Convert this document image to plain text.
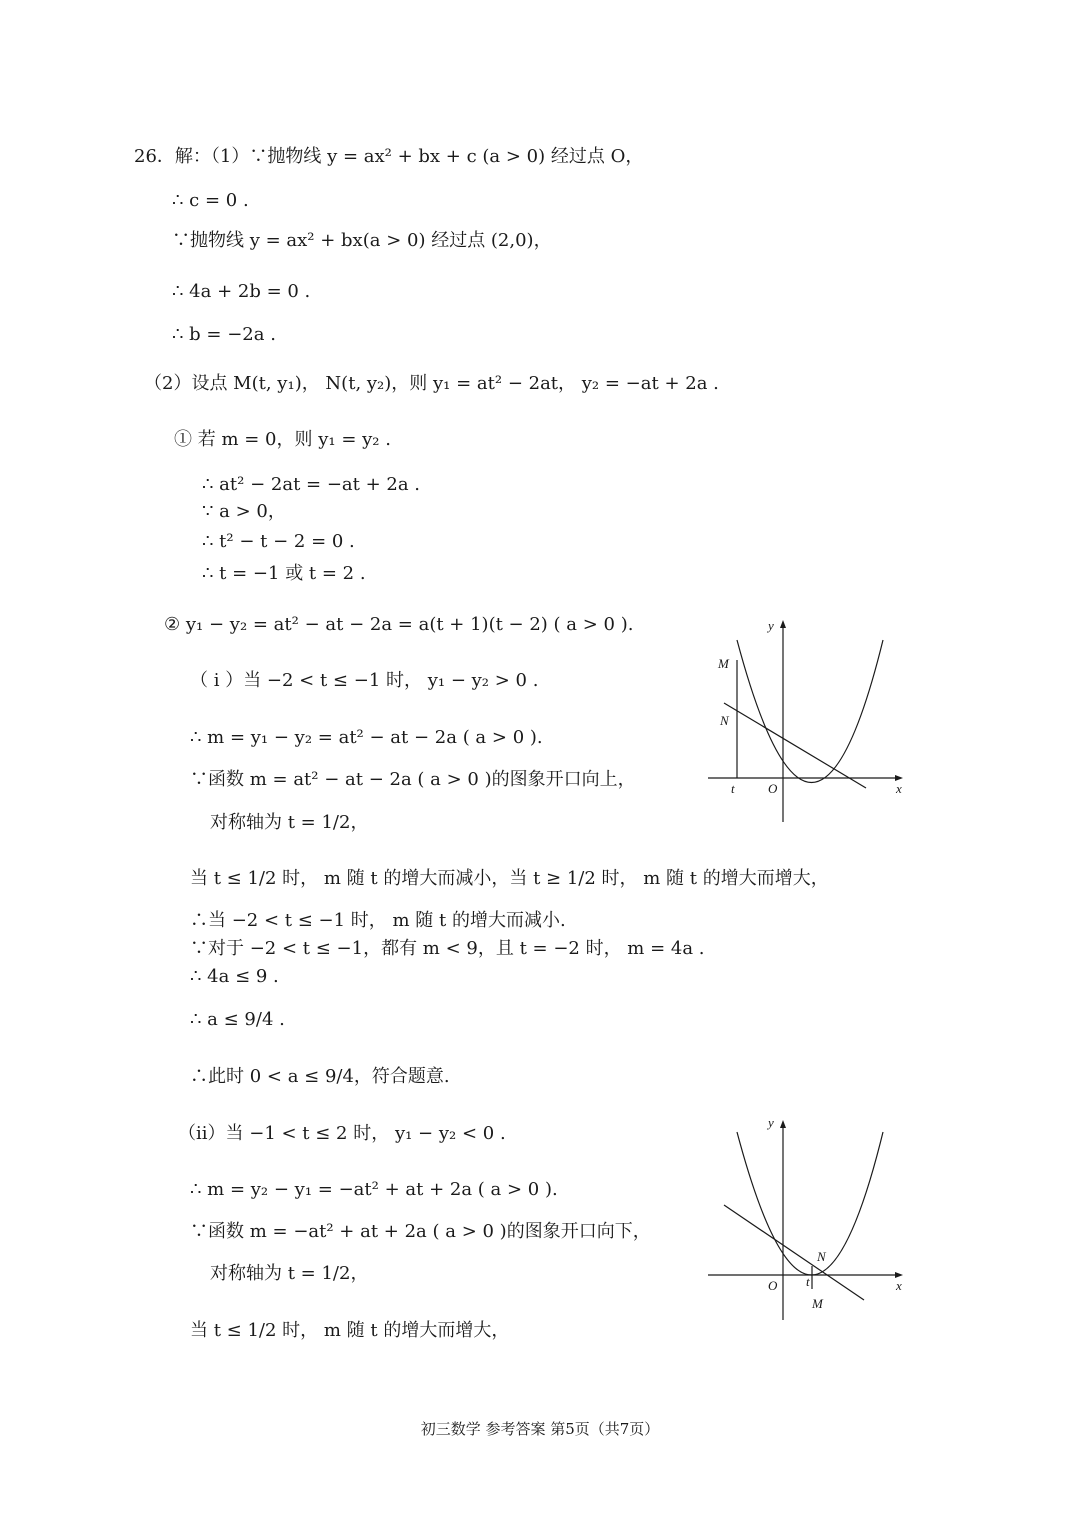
26．解：（1）∵抛物线 y = ax² + bx + c (a > 0) 经过点 O，
∴ c = 0 .
∵抛物线 y = ax² + bx(a > 0) 经过点 (2,0)，
∴ 4a + 2b = 0 .
∴ b = −2a .
（2）设点 M(t, y₁)， N(t, y₂)，则 y₁ = at² − 2at， y₂ = −at + 2a .
① 若 m = 0，则 y₁ = y₂ .
∴ at² − 2at = −at + 2a .
∵ a > 0，
∴ t² − t − 2 = 0 .
∴ t = −1 或 t = 2 .
② y₁ − y₂ = at² − at − 2a = a(t + 1)(t − 2) ( a > 0 ).
（ i ）当 −2 < t ≤ −1 时， y₁ − y₂ > 0 .
∴ m = y₁ − y₂ = at² − at − 2a ( a > 0 ).
∵函数 m = at² − at − 2a ( a > 0 )的图象开口向上，
对称轴为 t = 1/2，
当 t ≤ 1/2 时， m 随 t 的增大而减小，当 t ≥ 1/2 时， m 随 t 的增大而增大，
∴当 −2 < t ≤ −1 时， m 随 t 的增大而减小.
∵对于 −2 < t ≤ −1，都有 m < 9，且 t = −2 时， m = 4a .
∴ 4a ≤ 9 .
∴ a ≤ 9/4 .
∴此时 0 < a ≤ 9/4，符合题意.
（ii）当 −1 < t ≤ 2 时， y₁ − y₂ < 0 .
∴ m = y₂ − y₁ = −at² + at + 2a ( a > 0 ).
∵函数 m = −at² + at + 2a ( a > 0 )的图象开口向下，
对称轴为 t = 1/2，
当 t ≤ 1/2 时， m 随 t 的增大而增大，
y
x
O
t
M
N
y
x
O t
M
N
初三数学 参考答案 第5页（共7页）
